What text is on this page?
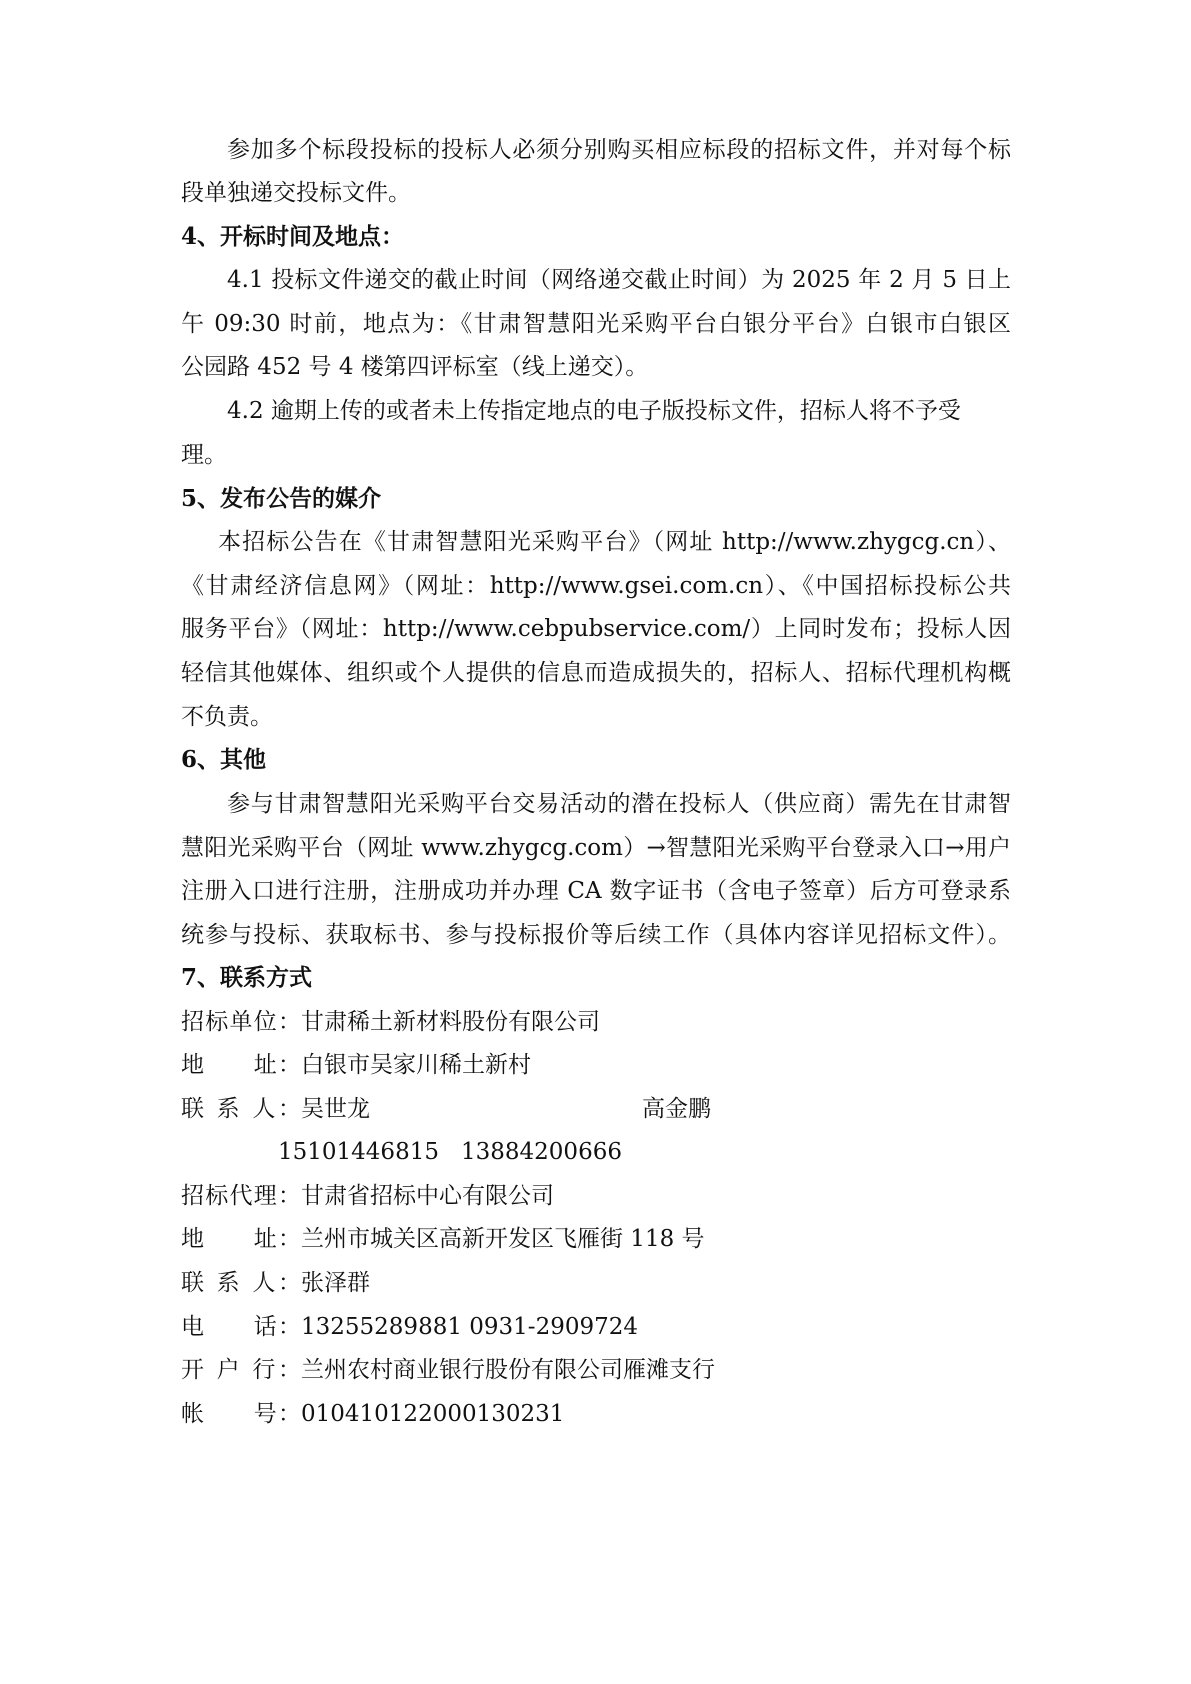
参加多个标段投标的投标人必须分别购买相应标段的招标文件，并对每个标
段单独递交投标文件。
4、开标时间及地点：
4.1 投标文件递交的截止时间（网络递交截止时间）为 2025 年 2 月 5 日上
午 09:30 时前，地点为：《甘肃智慧阳光采购平台白银分平台》白银市白银区
公园路 452 号 4 楼第四评标室（线上递交）。
4.2 逾期上传的或者未上传指定地点的电子版投标文件，招标人将不予受
理。
5、发布公告的媒介
本招标公告在《甘肃智慧阳光采购平台》（网址 http://www.zhygcg.cn）、
《甘肃经济信息网》（网址：http://www.gsei.com.cn）、《中国招标投标公共
服务平台》（网址：http://www.cebpubservice.com/）上同时发布；投标人因
轻信其他媒体、组织或个人提供的信息而造成损失的，招标人、招标代理机构概
不负责。
6、其他
参与甘肃智慧阳光采购平台交易活动的潜在投标人（供应商）需先在甘肃智
慧阳光采购平台（网址 www.zhygcg.com）→智慧阳光采购平台登录入口→用户
注册入口进行注册，注册成功并办理 CA 数字证书（含电子签章）后方可登录系
统参与投标、获取标书、参与投标报价等后续工作（具体内容详见招标文件）。
7、联系方式
招标单位：甘肃稀土新材料股份有限公司
地　　址：白银市吴家川稀土新村
联 系 人：吴世龙	高金鹏
15101446815 13884200666
招标代理：甘肃省招标中心有限公司
地　　址：兰州市城关区高新开发区飞雁街 118 号
联 系 人：张泽群
电　　话：13255289881 0931-2909724
开 户 行：兰州农村商业银行股份有限公司雁滩支行
帐　　号：010410122000130231
